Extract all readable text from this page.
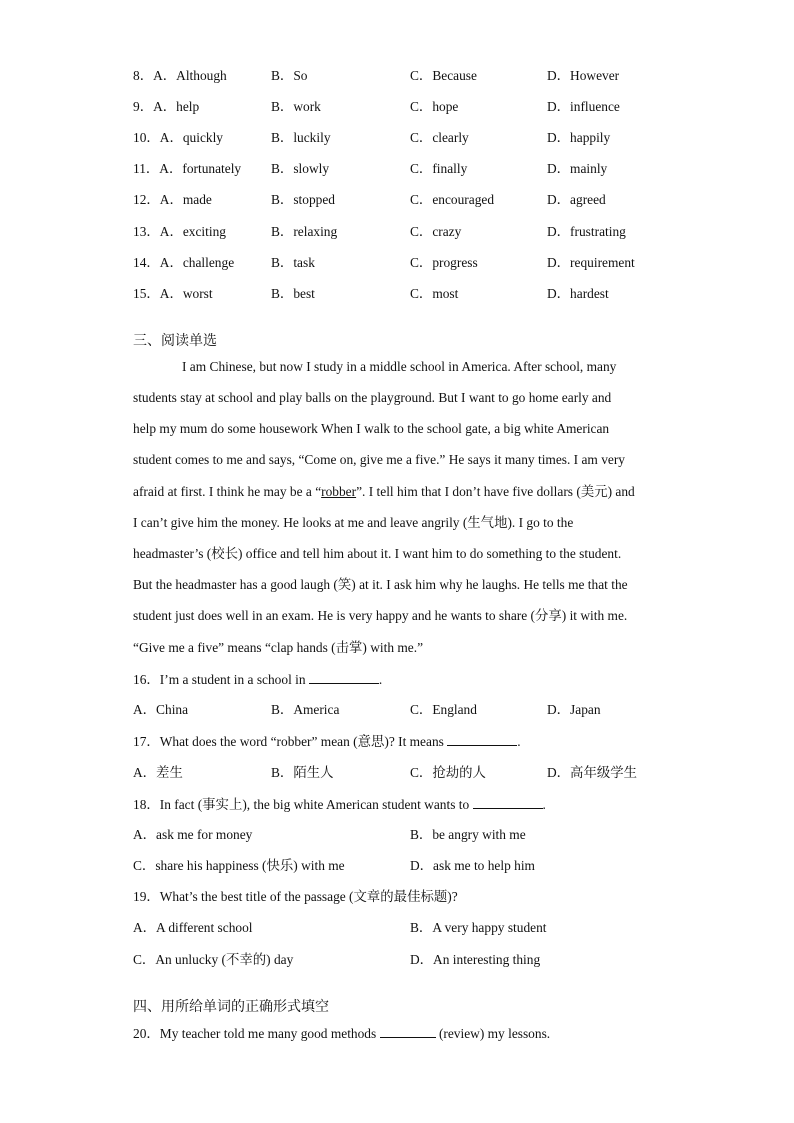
8．A．Although	B．So	C．Because	D．However
9．A．help	B．work	C．hope	D．influence
10．A．quickly	B．luckily	C．clearly	D．happily
11．A．fortunately B．slowly	C．finally	D．mainly
12．A．made	B．stopped	C．encouraged	D．agreed
13．A．exciting	B．relaxing	C．crazy	D．frustrating
14．A．challenge	B．task	C．progress	D．requirement
15．A．worst	B．best	C．most	D．hardest
三、阅读单选
I am Chinese, but now I study in a middle school in America. After school, many
students stay at school and play balls on the playground. But I want to go home early and
help my mum do some housework When I walk to the school gate, a big white American
student comes to me and says, “Come on, give me a five.” He says it many times. I am very
afraid at first. I think he may be a “robber”. I tell him that I don’t have five dollars (美元) and
I can’t give him the money. He looks at me and leave angrily (生气地). I go to the
headmaster’s (校长) office and tell him about it. I want him to do something to the student.
But the headmaster has a good laugh (笑) at it. I ask him why he laughs. He tells me that the
student just does well in an exam. He is very happy and he wants to share (分享) it with me.
“Give me a five” means “clap hands (击掌) with me.”
16．I’m a student in a school in	.
A．China	B．America	C．England	D．Japan
17．What does the word “robber” mean (意思)? It means	.
A．差生	B．陌生人	C．抢劫的人	D．高年级学生
18．In fact (事实上), the big white American student wants to	.
A．ask me for money	B．be angry with me
C．share his happiness (快乐) with me	D．ask me to help him
19．What’s the best title of the passage (文章的最佳标题)?
A．A different school	B．A very happy student
C．An unlucky (不幸的) day	D．An interesting thing
四、用所给单词的正确形式填空
20．My teacher told me many good methods	(review) my lessons.
